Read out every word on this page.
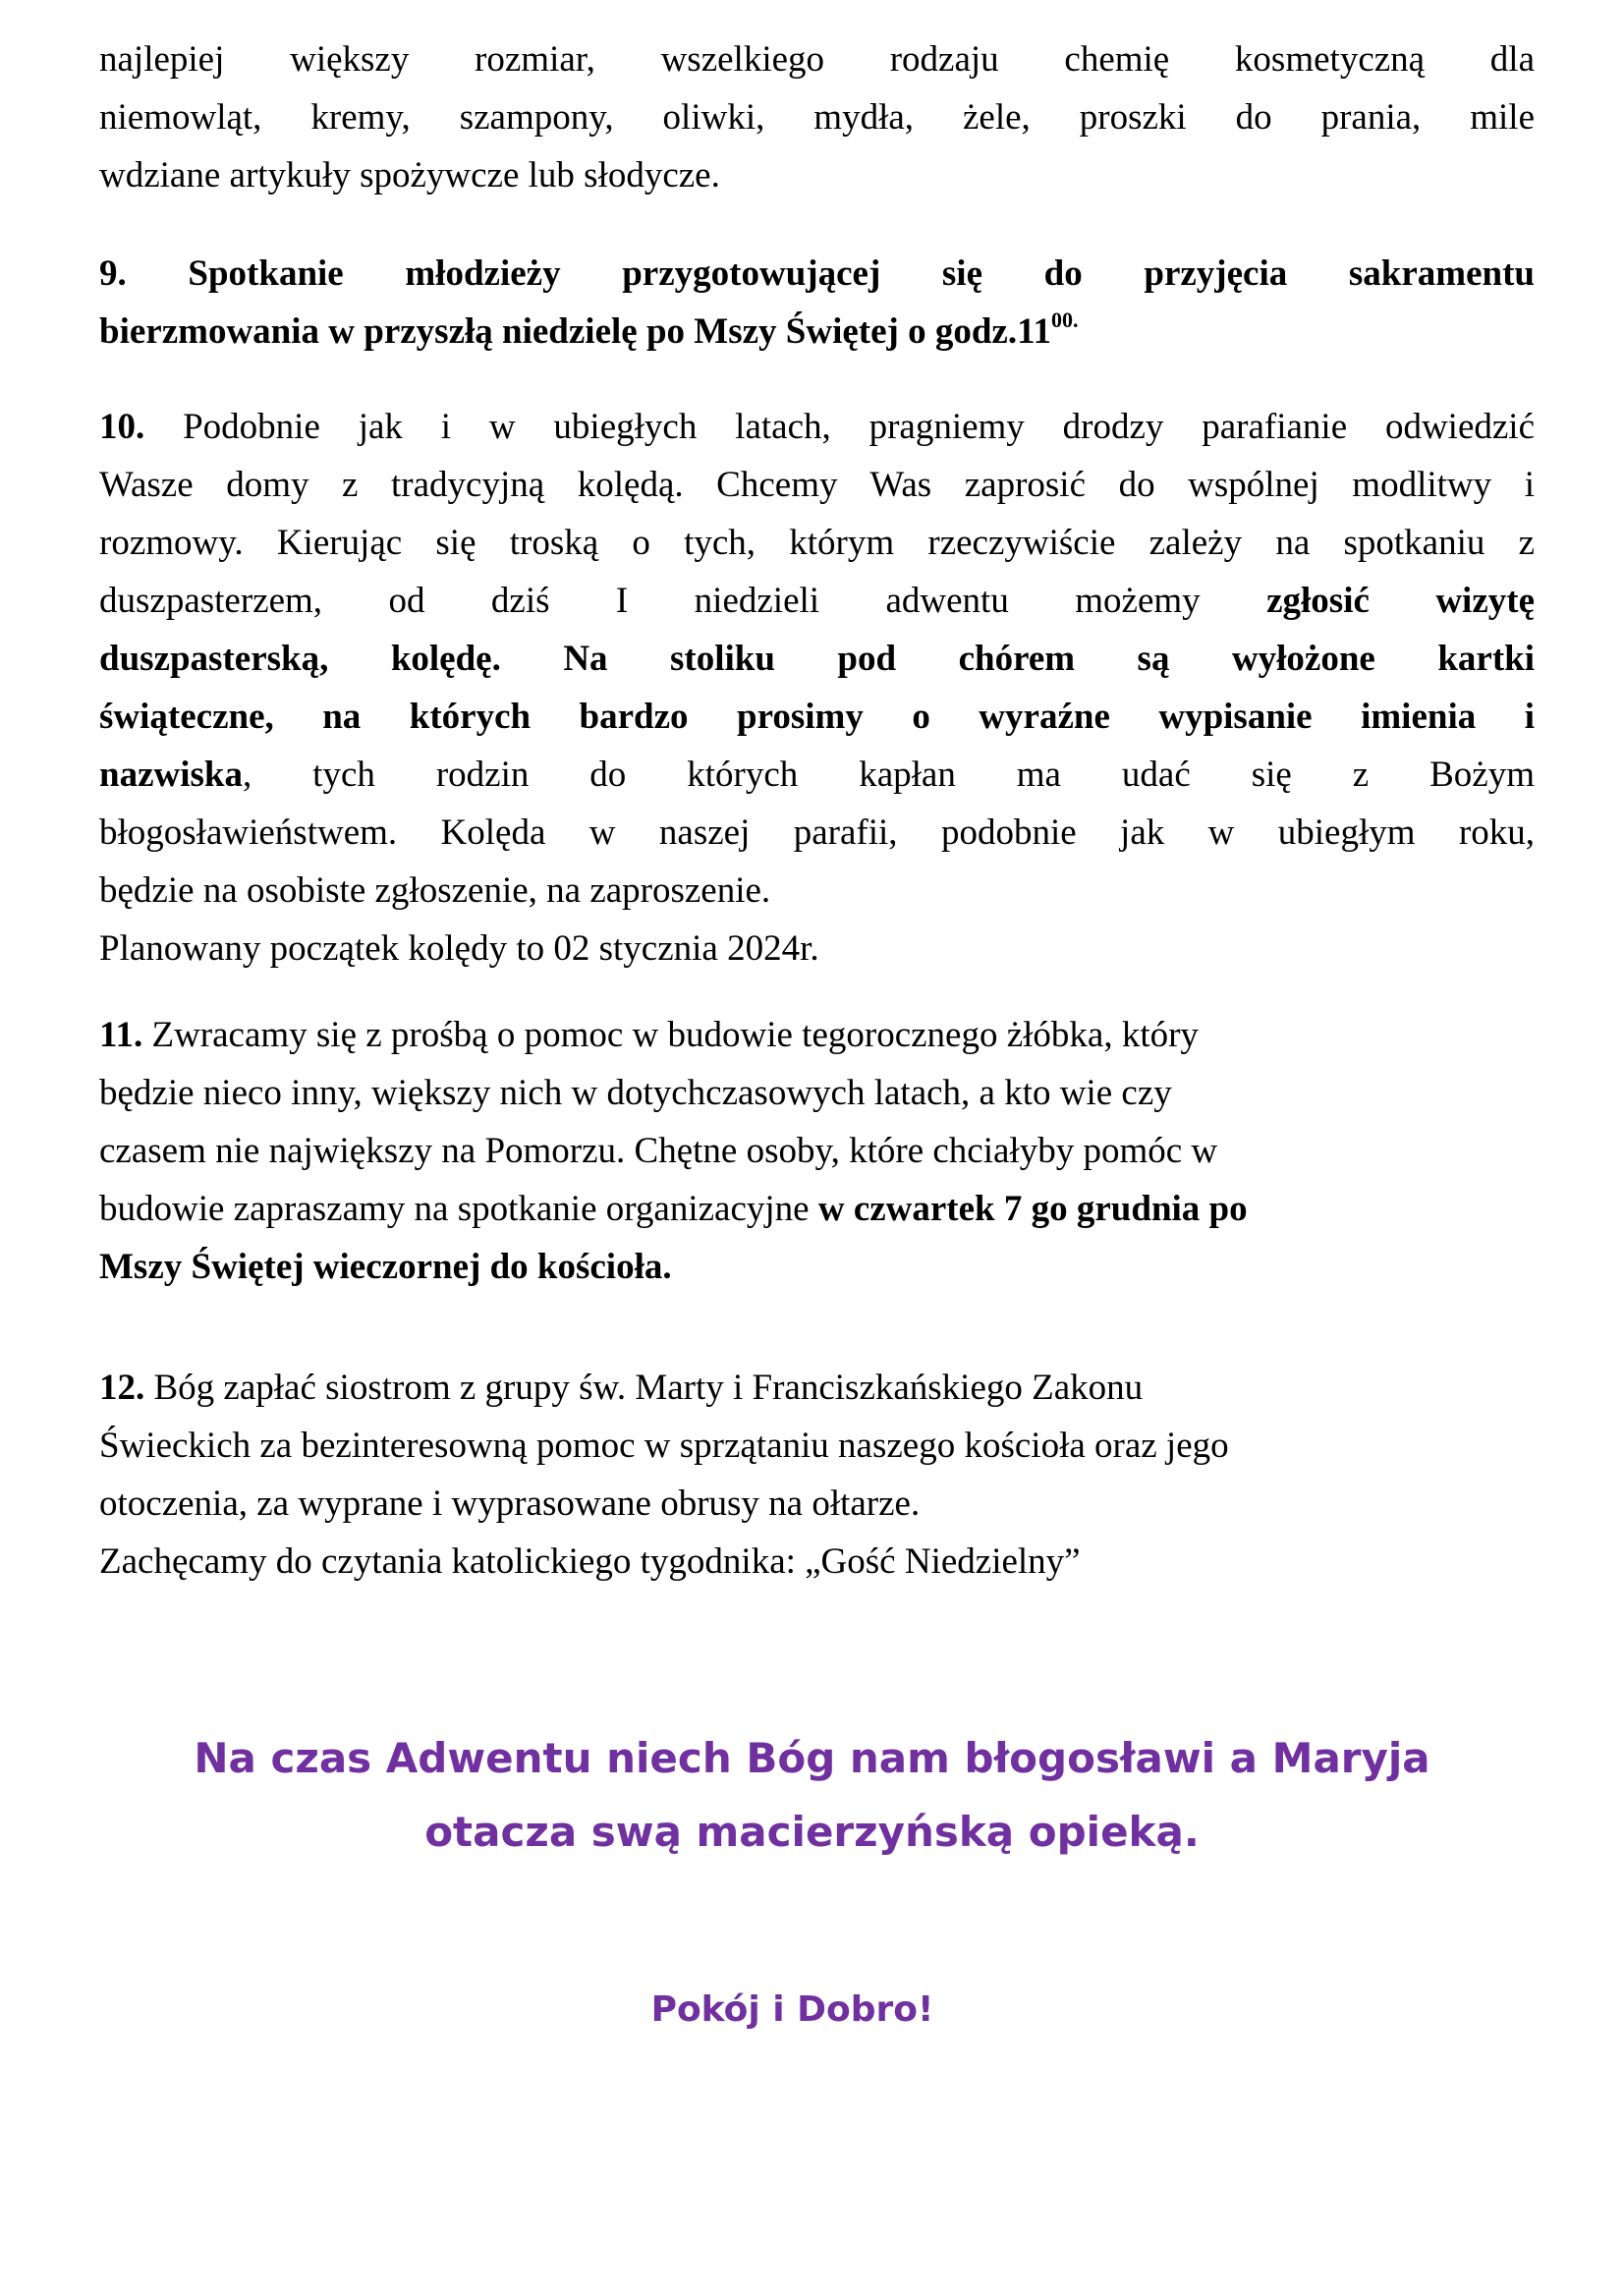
najlepiej większy rozmiar, wszelkiego rodzaju chemię kosmetyczną dla
niemowląt, kremy, szampony, oliwki, mydła, żele, proszki do prania, mile
wdziane artykuły spożywcze lub słodycze.
9. Spotkanie młodzieży przygotowującej się do przyjęcia sakramentu
bierzmowania w przyszłą niedzielę po Mszy Świętej o $godz.11^{00.}$
10. Podobnie jak i w ubiegłych latach, pragniemy drodzy parafianie odwiedzić
Wasze domy z tradycyjną kolędą. Chcemy Was zaprosić do wspólnej modlitwy i
rozmowy. Kierując się troską o tych, którym rzeczywiście zależy na spotkaniu z
duszpasterzem, od dziś I niedzieli adwentu możemy zgłosić wizytę
duszpasterską, kolędę. Na stoliku pod chórem są wyłożone kartki
świąteczne, na których bardzo prosimy o wyraźne wypisanie imienia i
nazwiska, tych rodzin do których kapłan ma udać się z Bożym
błogosławieństwem. Kolęda w naszej parafii, podobnie jak w ubiegłym roku,
będzie na osobiste zgłoszenie, na zaproszenie.
Planowany początek kolędy to 02 stycznia 2024r.
11. Zwracamy się z prośbą o pomoc w budowie tegorocznego żłóbka, który
będzie nieco inny, większy nich w dotychczasowych latach, a kto wie czy
czasem nie największy na Pomorzu. Chętne osoby, które chciałyby pomóc w
budowie zapraszamy na spotkanie organizacyjne w czwartek 7 go grudnia po
Mszy Świętej wieczornej do kościoła.
12. Bóg zapłać siostrom z grupy św. Marty i Franciszkańskiego Zakonu
Świeckich za bezinteresowną pomoc w sprzątaniu naszego kościoła oraz jego
otoczenia, za wyprane i wyprasowane obrusy na ołtarze.
Zachęcamy do czytania katolickiego tygodnika: „Gość Niedzielny”
Na czas Adwentu niech Bóg nam błogosławi a Maryja
otacza swą macierzyńską opieką.
Pokój i Dobro!
